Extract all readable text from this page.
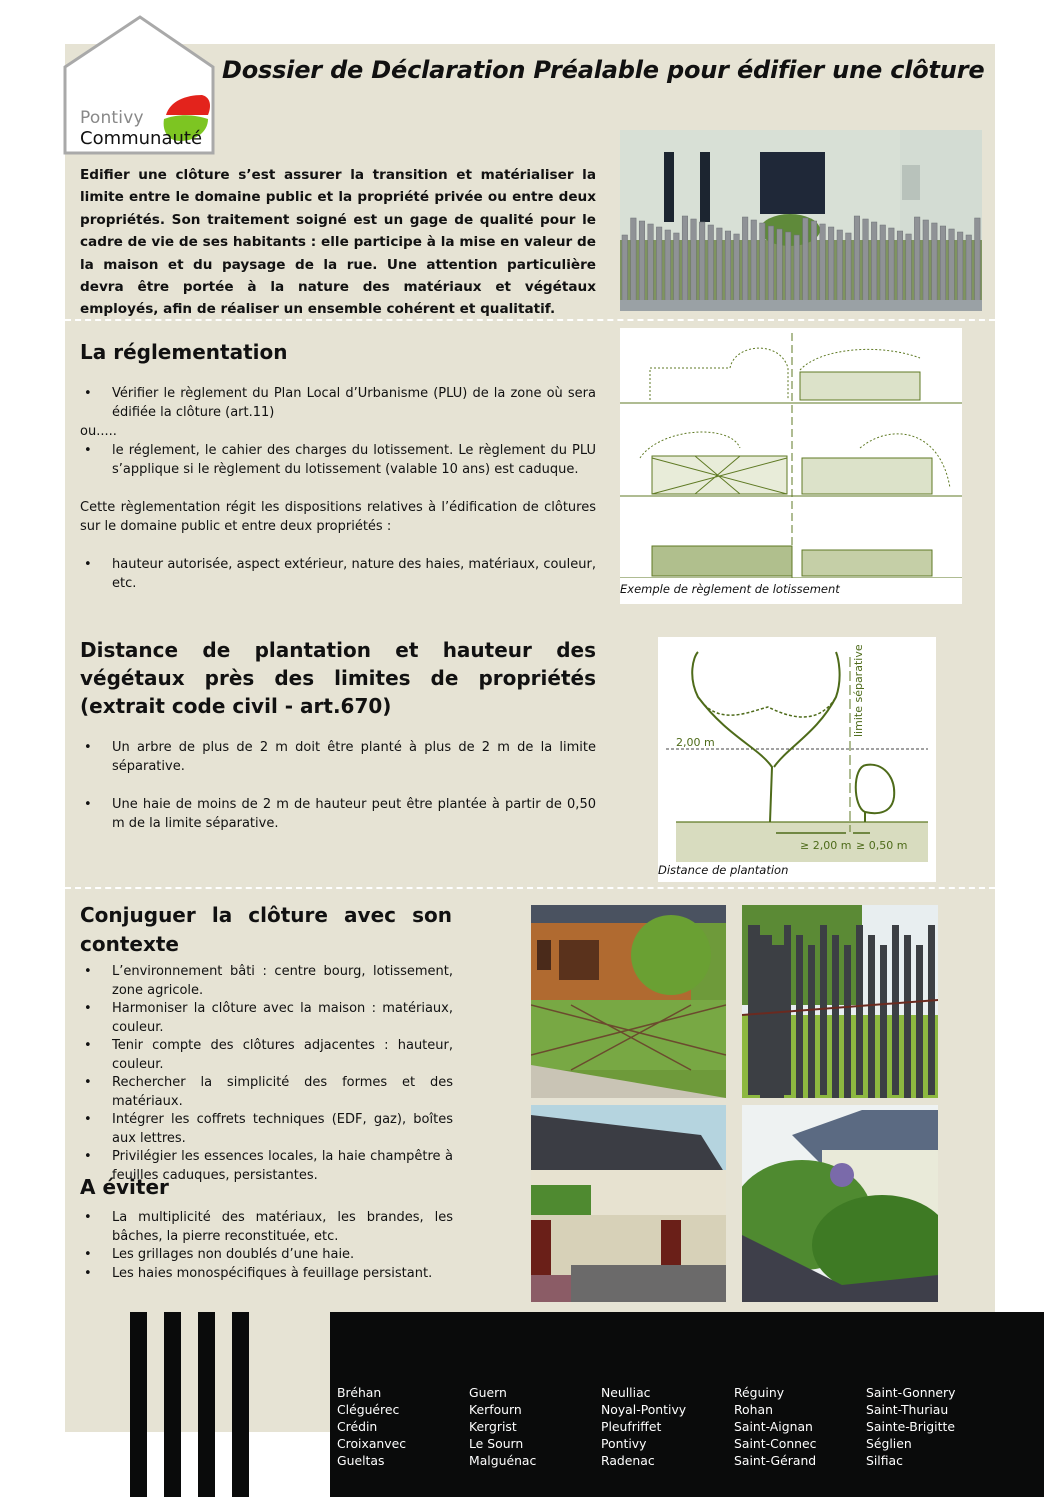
Pontivy
Communauté
Dossier de Déclaration Préalable pour édifier une clôture
Edifier une clôture s’est assurer la transition et matérialiser la limite entre le domaine public et la propriété privée ou entre deux propriétés. Son traitement soigné est un gage de qualité pour le cadre de vie de ses habitants : elle participe à la mise en valeur de la maison et du paysage de la rue. Une attention particulière devra être portée à la nature des matériaux et végétaux employés, afin de réaliser un ensemble cohérent et qualitatif.
La réglementation
• Vérifier le règlement du Plan Local d’Urbanisme (PLU) de la zone où sera édifiée la clôture (art.11)
ou.....
• le réglement, le cahier des charges du lotissement. Le règlement du PLU s’applique si le règlement du lotissement (valable 10 ans) est caduque.
Cette règlementation régit les dispositions relatives à l’édification de clôtures sur le domaine public et entre deux propriétés :
• hauteur autorisée, aspect extérieur, nature des haies, matériaux, couleur, etc.	Exemple de règlement de lotissement
Distance de plantation et hauteur des végétaux près des limites de propriétés (extrait code civil - art.670)
• Un arbre de plus de 2 m doit être planté à plus de 2 m de la limite séparative.
• Une haie de moins de 2 m de hauteur peut être plantée à partir de 0,50 m de la limite séparative.
2,00 m
≥ 2,00 m ≥ 0,50 m
limite séparative
Distance de plantation
Conjuguer la clôture avec son contexte
• L’environnement bâti : centre bourg, lotissement, zone agricole.
• Harmoniser la clôture avec la maison : matériaux, couleur.
• Tenir compte des clôtures adjacentes : hauteur, couleur.
• Rechercher la simplicité des formes et des matériaux.
• Intégrer les coffrets techniques (EDF, gaz), boîtes aux lettres.
• Privilégier les essences locales, la haie champêtre à feuilles caduques, persistantes.
A éviter
• La multiplicité des matériaux, les brandes, les bâches, la pierre reconstituée, etc.
• Les grillages non doublés d’une haie.
• Les haies monospécifiques à feuillage persistant.
Bréhan
Cléguérec
Crédin
Croixanvec
Gueltas
Guern
Kerfourn
Kergrist
Le Sourn
Malguénac
Neulliac
Noyal-Pontivy
Pleufriffet
Pontivy
Radenac
Réguiny
Rohan
Saint-Aignan
Saint-Connec
Saint-Gérand
Saint-Gonnery
Saint-Thuriau
Sainte-Brigitte
Séglien
Silfiac
